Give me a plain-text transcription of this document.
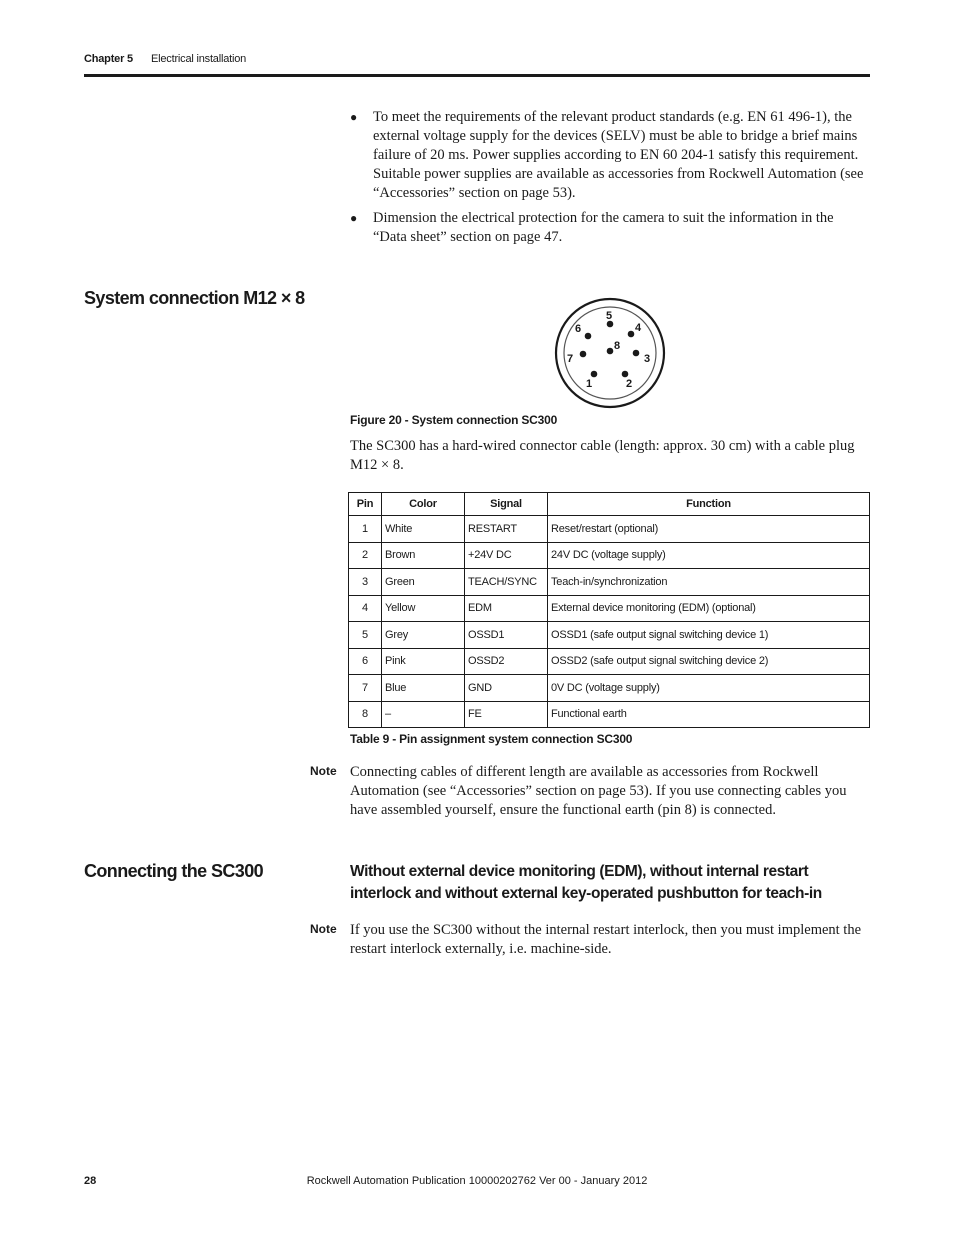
Chapter 5 Electrical installation
● To meet the requirements of the relevant product standards (e.g. EN 61 496-1), the external voltage supply for the devices (SELV) must be able to bridge a brief mains failure of 20 ms. Power supplies according to EN 60 204-1 satisfy this requirement. Suitable power supplies are available as accessories from Rockwell Automation (see “Accessories” section on page 53).
● Dimension the electrical protection for the camera to suit the information in the “Data sheet” section on page 47.
System connection M12 × 8
5
6	4
8
7	3
1	2
Figure 20 - System connection SC300
The SC300 has a hard-wired connector cable (length: approx. 30 cm) with a cable plug M12 × 8.
Pin	Color	Signal	Function
1	White	RESTART	Reset/restart (optional)
2	Brown	+24V DC	24V DC (voltage supply)
3	Green	TEACH/SYNC	Teach-in/synchronization
4	Yellow	EDM	External device monitoring (EDM) (optional)
5	Grey	OSSD1	OSSD1 (safe output signal switching device 1)
6	Pink	OSSD2	OSSD2 (safe output signal switching device 2)
7	Blue	GND	0V DC (voltage supply)
8	–	FE	Functional earth
Table 9 - Pin assignment system connection SC300
Note Connecting cables of different length are available as accessories from Rockwell Automation (see “Accessories” section on page 53). If you use connecting cables you have assembled yourself, ensure the functional earth (pin 8) is connected.
Connecting the SC300	Without external device monitoring (EDM), without internal restart interlock and without external key-operated pushbutton for teach-in
Note If you use the SC300 without the internal restart interlock, then you must implement the restart interlock externally, i.e. machine-side.
28	Rockwell Automation Publication 10000202762 Ver 00 - January 2012
